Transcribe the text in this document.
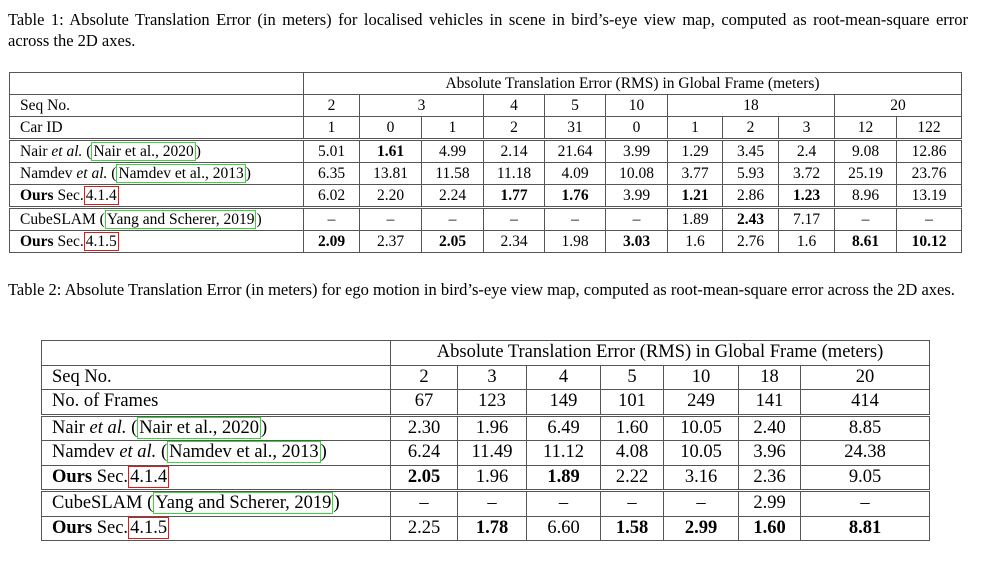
Table 1: Absolute Translation Error (in meters) for localised vehicles in scene in bird’s-eye view map, computed as root-mean-square error across the 2D axes.
	Absolute Translation Error (RMS) in Global Frame (meters)										
Seq No.	2	3		4	5	10	18			20	
Car ID	1	0	1	2	31	0	1	2	3	12	122
Nair et al. ( Nair et al., 2020 )	5.01	1.61	4.99	2.14	21.64	3.99	1.29	3.45	2.4	9.08	12.86
Namdev et al. ( Namdev et al., 2013 )	6.35	13.81	11.58	11.18	4.09	10.08	3.77	5.93	3.72	25.19	23.76
Ours Sec. 4.1.4	6.02	2.20	2.24	1.77	1.76	3.99	1.21	2.86	1.23	8.96	13.19
CubeSLAM ( Yang and Scherer, 2019 )	–	–	–	–	–	–	1.89	2.43	7.17	–	–
Ours Sec. 4.1.5	2.09	2.37	2.05	2.34	1.98	3.03	1.6	2.76	1.6	8.61	10.12
Table 2: Absolute Translation Error (in meters) for ego motion in bird’s-eye view map, computed as root-mean-square error across the 2D axes.
	Absolute Translation Error (RMS) in Global Frame (meters)						
Seq No.	2	3	4	5	10	18	20
No. of Frames	67	123	149	101	249	141	414
Nair et al. ( Nair et al., 2020 )	2.30	1.96	6.49	1.60	10.05	2.40	8.85
Namdev et al. ( Namdev et al., 2013 )	6.24	11.49	11.12	4.08	10.05	3.96	24.38
Ours Sec. 4.1.4	2.05	1.96	1.89	2.22	3.16	2.36	9.05
CubeSLAM ( Yang and Scherer, 2019 )	–	–	–	–	–	2.99	–
Ours Sec. 4.1.5	2.25	1.78	6.60	1.58	2.99	1.60	8.81
